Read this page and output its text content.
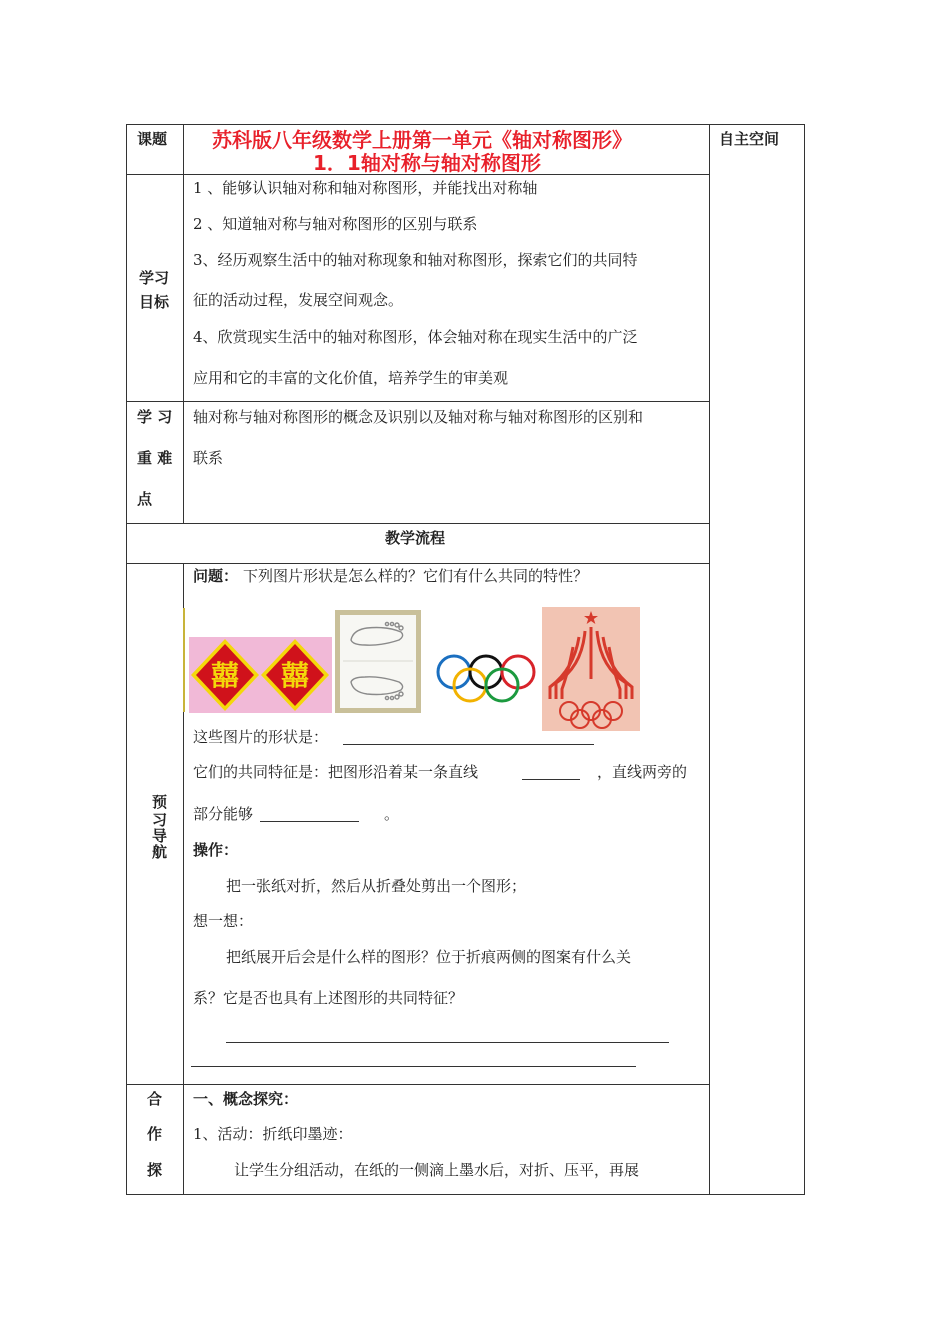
课题 苏科版八年级数学上册第一单元《轴对称图形》
1．1轴对称与轴对称图形
自主空间
学习
目标
1 、能够认识轴对称和轴对称图形，并能找出对称轴
2 、知道轴对称与轴对称图形的区别与联系
3、经历观察生活中的轴对称现象和轴对称图形，探索它们的共同特
征的活动过程，发展空间观念。
4、欣赏现实生活中的轴对称图形，体会轴对称在现实生活中的广泛
应用和它的丰富的文化价值，培养学生的审美观
学 习
重 难
点
轴对称与轴对称图形的概念及识别以及轴对称与轴对称图形的区别和
联系
教学流程
预
习
导
航
问题： 下列图片形状是怎么样的？它们有什么共同的特性？
囍 囍
这些图片的形状是：
它们的共同特征是：把图形沿着某一条直线	，直线两旁的
部分能够	。
操作：
把一张纸对折，然后从折叠处剪出一个图形；
想一想：
把纸展开后会是什么样的图形？位于折痕两侧的图案有什么关
系？它是否也具有上述图形的共同特征？
合
作
探
一、概念探究：
1、活动：折纸印墨迹：
让学生分组活动，在纸的一侧滴上墨水后，对折、压平，再展
